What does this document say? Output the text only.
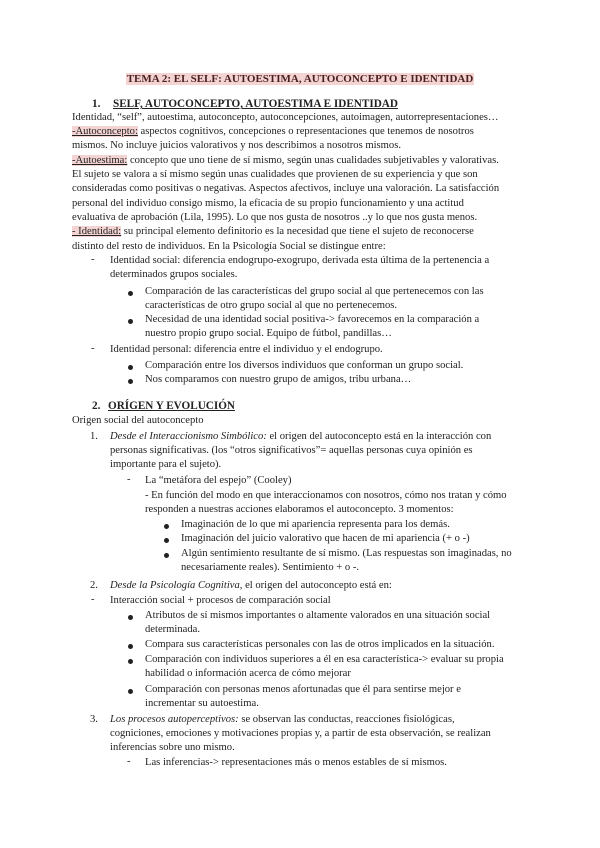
TEMA 2: EL SELF: AUTOESTIMA, AUTOCONCEPTO E IDENTIDAD
1. SELF, AUTOCONCEPTO, AUTOESTIMA E IDENTIDAD
Identidad, “self”, autoestima, autoconcepto, autoconcepciones, autoimagen, autorrepresentaciones…
-Autoconcepto: aspectos cognitivos, concepciones o representaciones que tenemos de nosotros
mismos. No incluye juicios valorativos y nos describimos a nosotros mismos.
-Autoestima: concepto que uno tiene de sí mismo, según unas cualidades subjetivables y valorativas.
El sujeto se valora a sí mismo según unas cualidades que provienen de su experiencia y que son
consideradas como positivas o negativas. Aspectos afectivos, incluye una valoración. La satisfacción
personal del individuo consigo mismo, la eficacia de su propio funcionamiento y una actitud
evaluativa de aprobación (Lila, 1995). Lo que nos gusta de nosotros ..y lo que nos gusta menos.
- Identidad: su principal elemento definitorio es la necesidad que tiene el sujeto de reconocerse
distinto del resto de individuos. En la Psicología Social se distingue entre:
- Identidad social: diferencia endogrupo-exogrupo, derivada esta última de la pertenencia a
determinados grupos sociales.
Comparación de las características del grupo social al que pertenecemos con las
características de otro grupo social al que no pertenecemos.
Necesidad de una identidad social positiva-> favorecemos en la comparación a
nuestro propio grupo social. Equipo de fútbol, pandillas…
- Identidad personal: diferencia entre el individuo y el endogrupo.
Comparación entre los diversos individuos que conforman un grupo social.
Nos comparamos con nuestro grupo de amigos, tribu urbana…
2. ORÍGEN Y EVOLUCIÓN
Origen social del autoconcepto
1. Desde el Interaccionismo Simbólico: el origen del autoconcepto está en la interacción con
personas significativas. (los “otros significativos”= aquellas personas cuya opinión es
importante para el sujeto).
- La “metáfora del espejo” (Cooley)
- En función del modo en que interaccionamos con nosotros, cómo nos tratan y cómo
responden a nuestras acciones elaboramos el autoconcepto. 3 momentos:
Imaginación de lo que mi apariencia representa para los demás.
Imaginación del juicio valorativo que hacen de mi apariencia (+ o -)
Algún sentimiento resultante de sí mismo. (Las respuestas son imaginadas, no
necesariamente reales). Sentimiento + o -.
2. Desde la Psicología Cognitiva, el origen del autoconcepto está en:
- Interacción social + procesos de comparación social
Atributos de sí mismos importantes o altamente valorados en una situación social
determinada.
Compara sus características personales con las de otros implicados en la situación.
Comparación con individuos superiores a él en esa característica-> evaluar su propia
habilidad o información acerca de cómo mejorar
Comparación con personas menos afortunadas que él para sentirse mejor e
incrementar su autoestima.
3. Los procesos autoperceptivos: se observan las conductas, reacciones fisiológicas,
cogniciones, emociones y motivaciones propias y, a partir de esta observación, se realizan
inferencias sobre uno mismo.
- Las inferencias-> representaciones más o menos estables de sí mismos.
